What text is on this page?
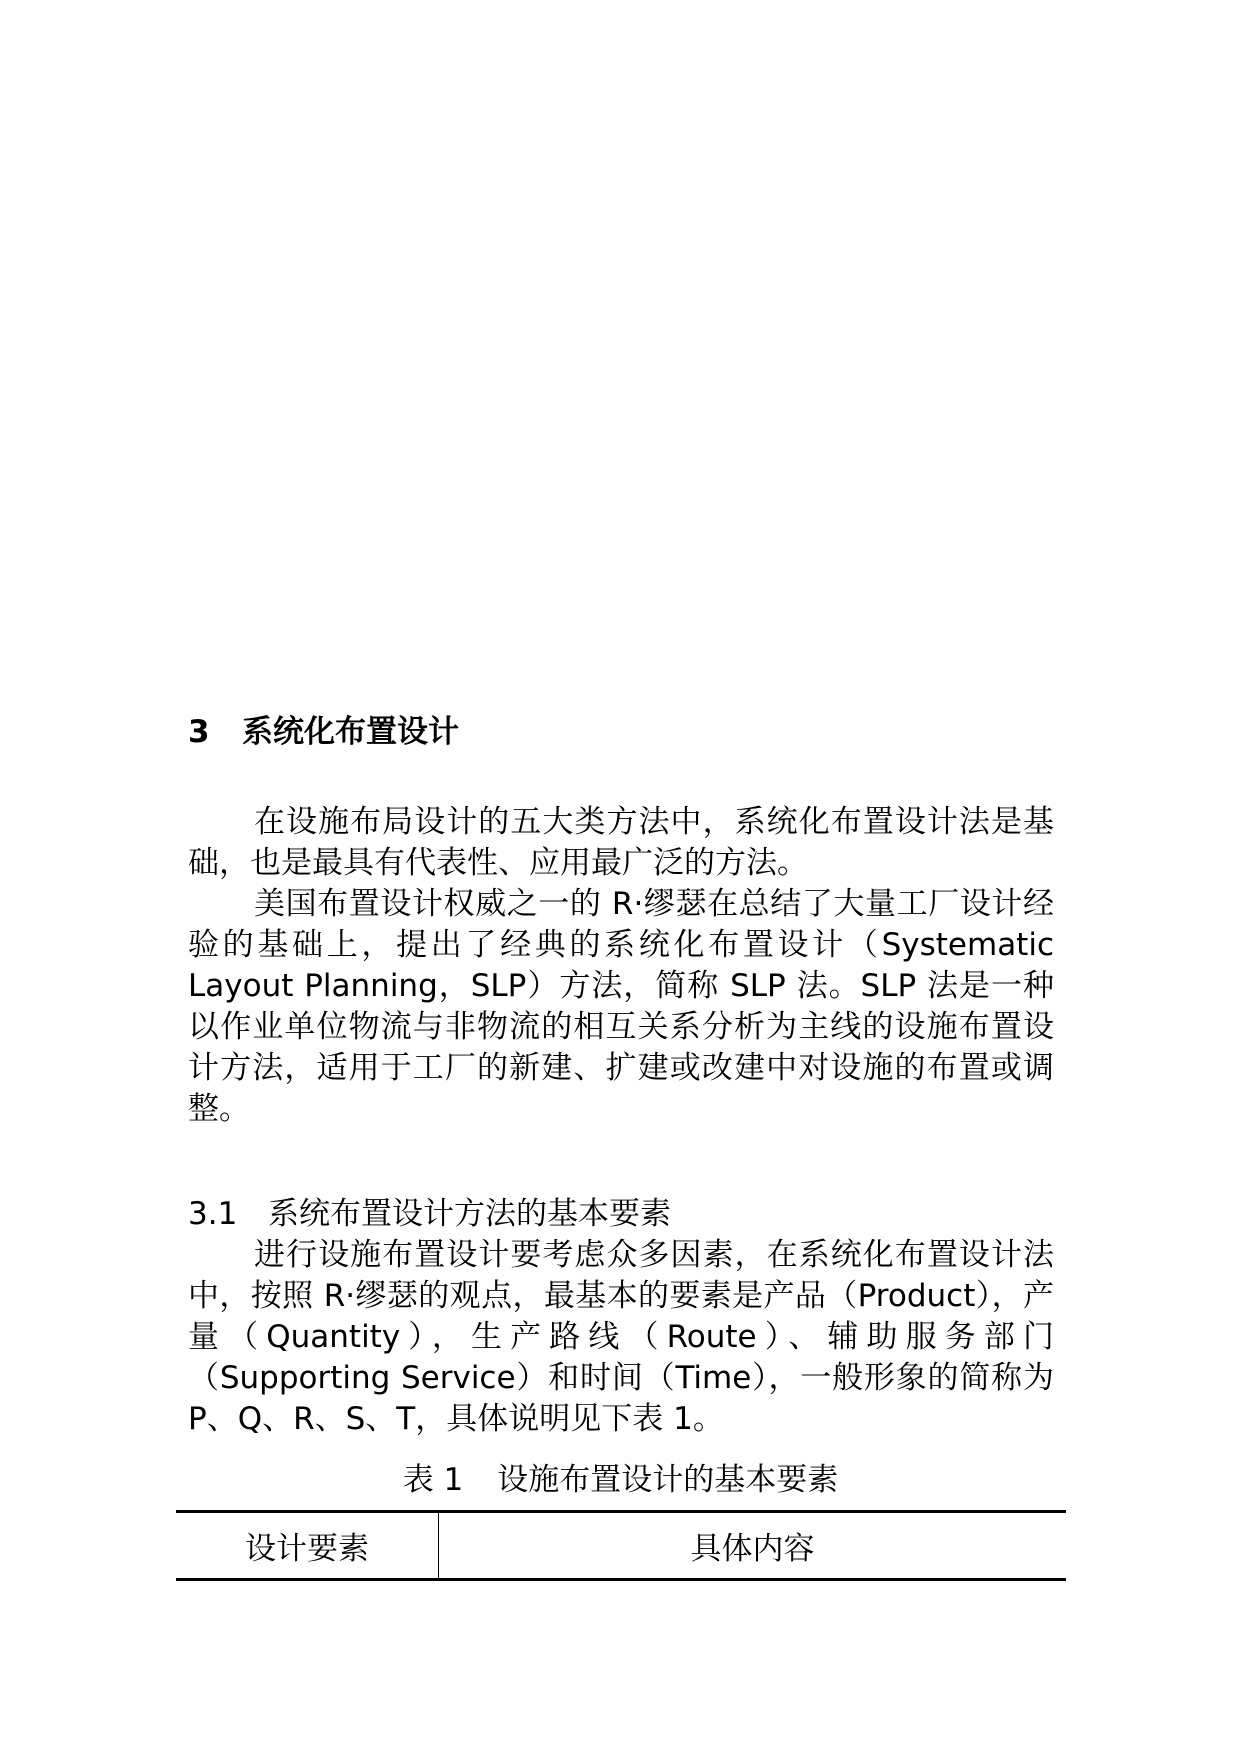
3 系统化布置设计

在设施布局设计的五大类方法中，系统化布置设计法是基础，也是最具有代表性、应用最广泛的方法。

美国布置设计权威之一的 R·缪瑟在总结了大量工厂设计经验的基础上，提出了经典的系统化布置设计（Systematic Layout Planning，SLP）方法，简称 SLP 法。SLP 法是一种以作业单位物流与非物流的相互关系分析为主线的设施布置设计方法，适用于工厂的新建、扩建或改建中对设施的布置或调整。

3.1 系统布置设计方法的基本要素

进行设施布置设计要考虑众多因素，在系统化布置设计法中，按照 R·缪瑟的观点，最基本的要素是产品（Product），产量（Quantity），生产路线（Route）、辅助服务部门（Supporting Service）和时间（Time），一般形象的简称为 P、Q、R、S、T，具体说明见下表 1。

表 1 设施布置设计的基本要素
设计要素	具体内容
